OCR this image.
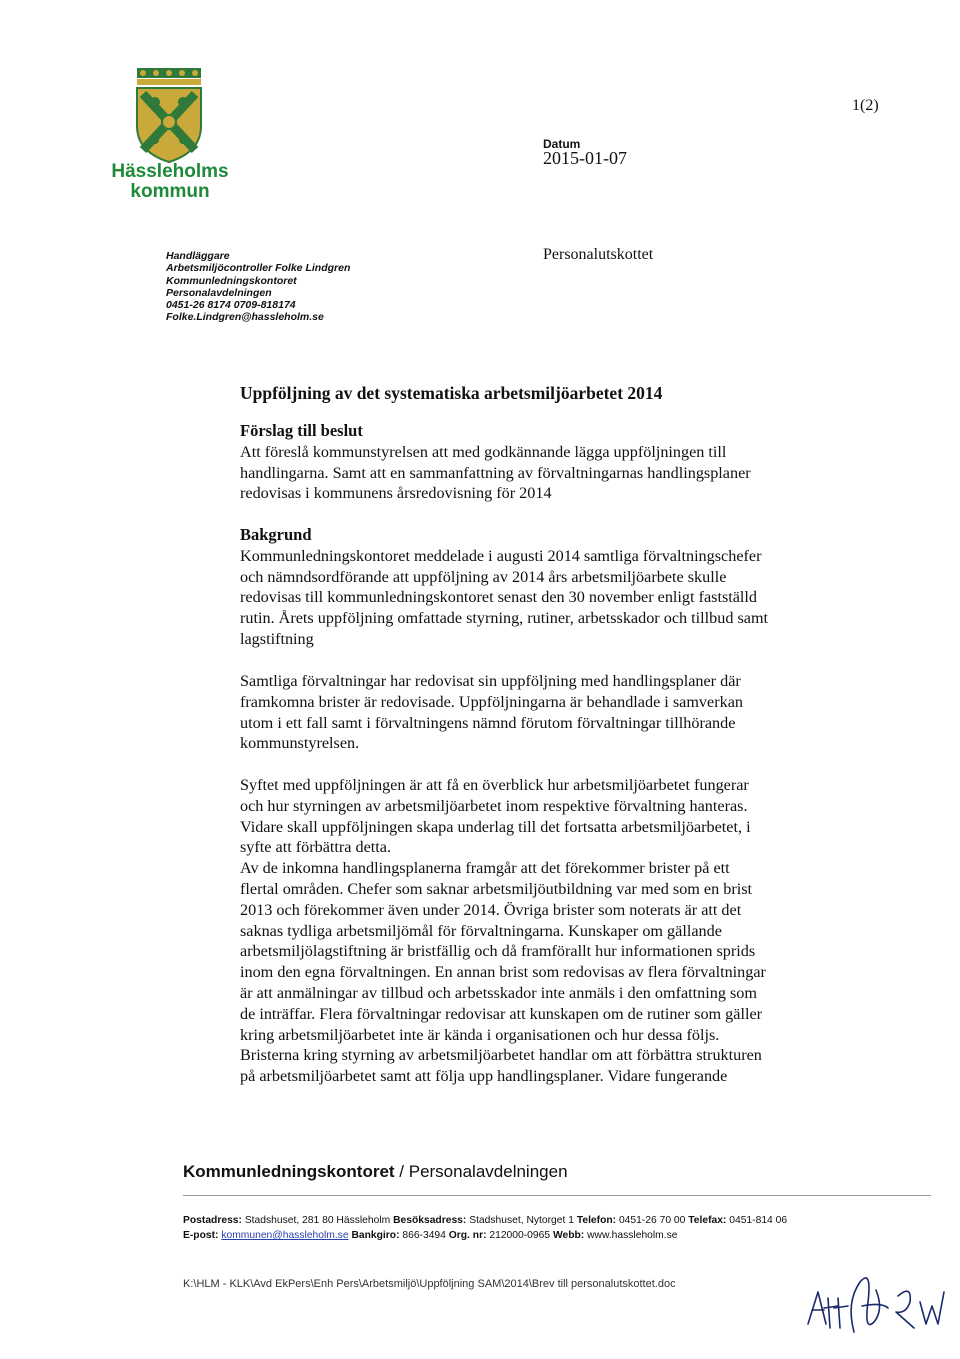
Hässleholms
kommun
1(2)
Datum
2015-01-07
Personalutskottet
Handläggare
Arbetsmiljöcontroller Folke Lindgren
Kommunledningskontoret
Personalavdelningen
0451-26 8174 0709-818174
Folke.Lindgren@hassleholm.se
Uppföljning av det systematiska arbetsmiljöarbetet 2014
Förslag till beslut
Att föreslå kommunstyrelsen att med godkännande lägga uppföljningen till
handlingarna. Samt att en sammanfattning av förvaltningarnas handlingsplaner
redovisas i kommunens årsredovisning för 2014
Bakgrund
Kommunledningskontoret meddelade i augusti 2014 samtliga förvaltningschefer
och nämndsordförande att uppföljning av 2014 års arbetsmiljöarbete skulle
redovisas till kommunledningskontoret senast den 30 november enligt fastställd
rutin. Årets uppföljning omfattade styrning, rutiner, arbetsskador och tillbud samt
lagstiftning
Samtliga förvaltningar har redovisat sin uppföljning med handlingsplaner där
framkomna brister är redovisade. Uppföljningarna är behandlade i samverkan
utom i ett fall samt i förvaltningens nämnd förutom förvaltningar tillhörande
kommunstyrelsen.
Syftet med uppföljningen är att få en överblick hur arbetsmiljöarbetet fungerar
och hur styrningen av arbetsmiljöarbetet inom respektive förvaltning hanteras.
Vidare skall uppföljningen skapa underlag till det fortsatta arbetsmiljöarbetet, i
syfte att förbättra detta.
Av de inkomna handlingsplanerna framgår att det förekommer brister på ett
flertal områden. Chefer som saknar arbetsmiljöutbildning var med som en brist
2013 och förekommer även under 2014. Övriga brister som noterats är att det
saknas tydliga arbetsmiljömål för förvaltningarna. Kunskaper om gällande
arbetsmiljölagstiftning är bristfällig och då framförallt hur informationen sprids
inom den egna förvaltningen. En annan brist som redovisas av flera förvaltningar
är att anmälningar av tillbud och arbetsskador inte anmäls i den omfattning som
de inträffar. Flera förvaltningar redovisar att kunskapen om de rutiner som gäller
kring arbetsmiljöarbetet inte är kända i organisationen och hur dessa följs.
Bristerna kring styrning av arbetsmiljöarbetet handlar om att förbättra strukturen
på arbetsmiljöarbetet samt att följa upp handlingsplaner. Vidare fungerande
Kommunledningskontoret / Personalavdelningen
Postadress: Stadshuset, 281 80 Hässleholm Besöksadress: Stadshuset, Nytorget 1 Telefon: 0451-26 70 00 Telefax: 0451-814 06
E-post: kommunen@hassleholm.se Bankgiro: 866-3494 Org. nr: 212000-0965 Webb: www.hassleholm.se
K:\HLM - KLK\Avd EkPers\Enh Pers\Arbetsmiljö\Uppföljning SAM\2014\Brev till personalutskottet.doc
